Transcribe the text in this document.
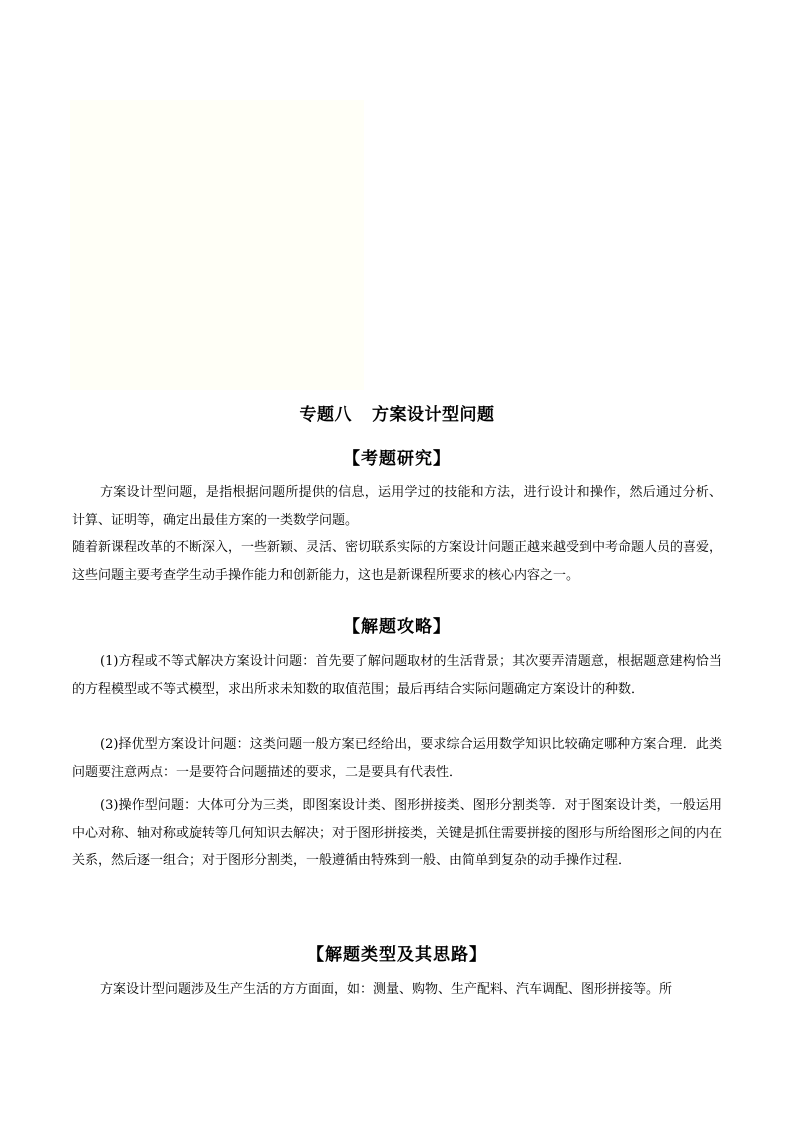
专题八 方案设计型问题
【考题研究】

方案设计型问题，是指根据问题所提供的信息，运用学过的技能和方法，进行设计和操作，然后通过分析、计算、证明等，确定出最佳方案的一类数学问题。

随着新课程改革的不断深入，一些新颖、灵活、密切联系实际的方案设计问题正越来越受到中考命题人员的喜爱，这些问题主要考查学生动手操作能力和创新能力，这也是新课程所要求的核心内容之一。

【解题攻略】

(1)方程或不等式解决方案设计问题：首先要了解问题取材的生活背景；其次要弄清题意，根据题意建构恰当的方程模型或不等式模型，求出所求未知数的取值范围；最后再结合实际问题确定方案设计的种数．

(2)择优型方案设计问题：这类问题一般方案已经给出，要求综合运用数学知识比较确定哪种方案合理．此类问题要注意两点：一是要符合问题描述的要求，二是要具有代表性．

(3)操作型问题：大体可分为三类，即图案设计类、图形拼接类、图形分割类等．对于图案设计类，一般运用中心对称、轴对称或旋转等几何知识去解决；对于图形拼接类，关键是抓住需要拼接的图形与所给图形之间的内在关系，然后逐一组合；对于图形分割类，一般遵循由特殊到一般、由简单到复杂的动手操作过程．

【解题类型及其思路】

方案设计型问题涉及生产生活的方方面面，如：测量、购物、生产配料、汽车调配、图形拼接等。所
